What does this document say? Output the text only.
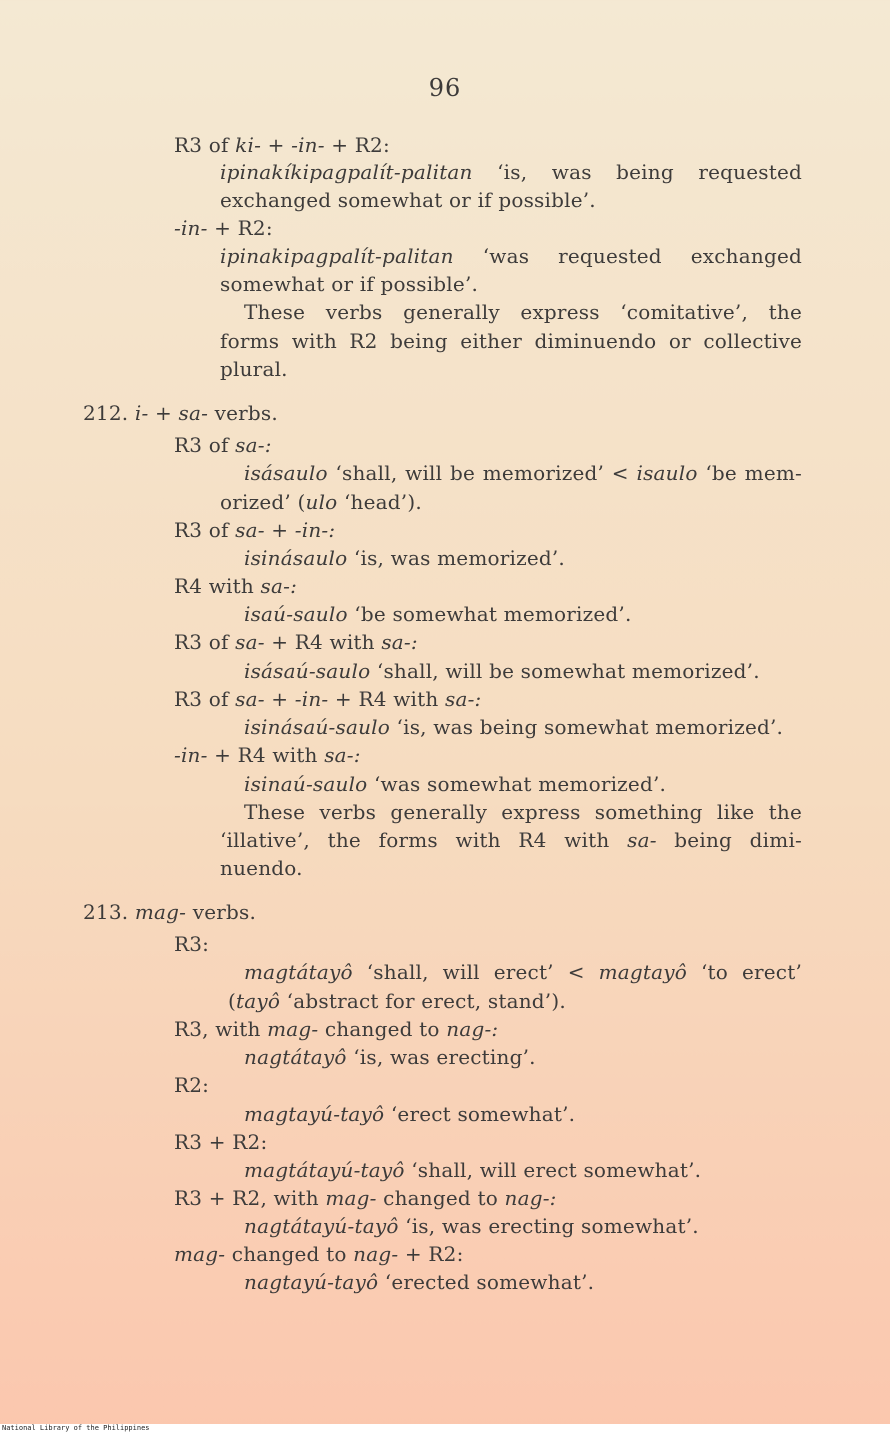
96
R3 of ki- + -in- + R2:
ipinakíkipagpalít-palitan ‘is, was being requested
exchanged somewhat or if possible’.
-in- + R2:
ipinakipagpalít-palitan ‘was requested exchanged
somewhat or if possible’.
These verbs generally express ‘comitative’, the
forms with R2 being either diminuendo or collective
plural.
212. i- + sa- verbs.
R3 of sa-:
isásaulo ‘shall, will be memorized’ < isaulo ‘be mem-
orized’ (ulo ‘head’).
R3 of sa- + -in-:
isinásaulo ‘is, was memorized’.
R4 with sa-:
isaú-saulo ‘be somewhat memorized’.
R3 of sa- + R4 with sa-:
isásaú-saulo ‘shall, will be somewhat memorized’.
R3 of sa- + -in- + R4 with sa-:
isinásaú-saulo ‘is, was being somewhat memorized’.
-in- + R4 with sa-:
isinaú-saulo ‘was somewhat memorized’.
These verbs generally express something like the
‘illative’, the forms with R4 with sa- being dimi-
nuendo.
213. mag- verbs.
R3:
magtátayô ‘shall, will erect’ < magtayô ‘to erect’
(tayô ‘abstract for erect, stand’).
R3, with mag- changed to nag-:
nagtátayô ‘is, was erecting’.
R2:
magtayú-tayô ‘erect somewhat’.
R3 + R2:
magtátayú-tayô ‘shall, will erect somewhat’.
R3 + R2, with mag- changed to nag-:
nagtátayú-tayô ‘is, was erecting somewhat’.
mag- changed to nag- + R2:
nagtayú-tayô ‘erected somewhat’.
National Library of the Philippines
